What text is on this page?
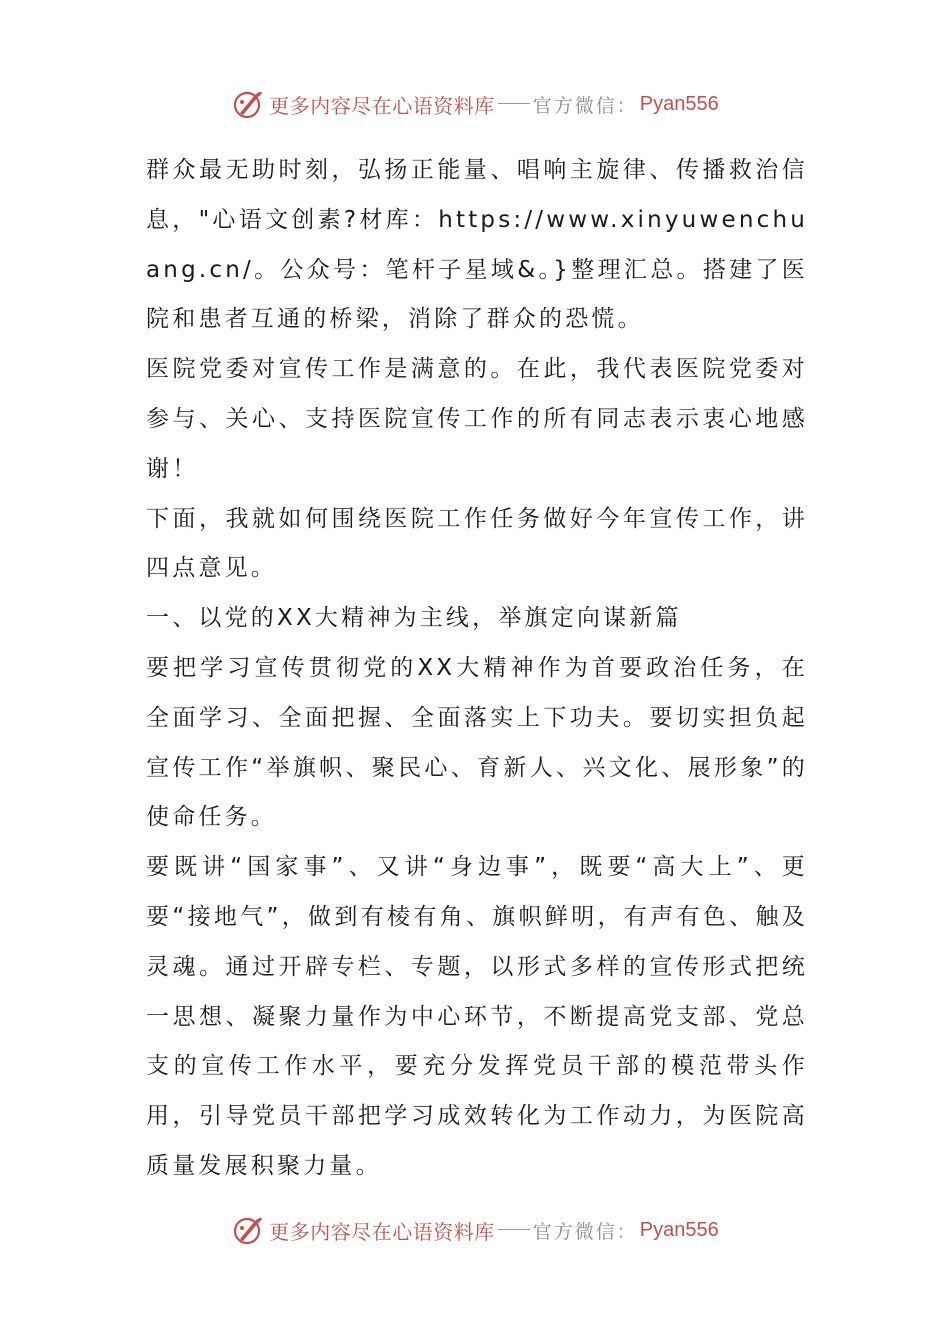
更多内容尽在心语资料库 官方微信： Pyan556

群众最无助时刻，弘扬正能量、唱响主旋律、传播救治信息，"心语文创素?材库：https://www.xinyuwenchuang.cn/。公众号：笔杆子星域&。}整理汇总。搭建了医院和患者互通的桥梁，消除了群众的恐慌。

医院党委对宣传工作是满意的。在此，我代表医院党委对参与、关心、支持医院宣传工作的所有同志表示衷心地感谢！

下面，我就如何围绕医院工作任务做好今年宣传工作，讲四点意见。

一、以党的XX大精神为主线，举旗定向谋新篇

要把学习宣传贯彻党的XX大精神作为首要政治任务，在全面学习、全面把握、全面落实上下功夫。要切实担负起宣传工作“举旗帜、聚民心、育新人、兴文化、展形象”的使命任务。

要既讲“国家事”、又讲“身边事”，既要“高大上”、更要“接地气”，做到有棱有角、旗帜鲜明，有声有色、触及灵魂。通过开辟专栏、专题，以形式多样的宣传形式把统一思想、凝聚力量作为中心环节，不断提高党支部、党总支的宣传工作水平，要充分发挥党员干部的模范带头作用，引导党员干部把学习成效转化为工作动力，为医院高质量发展积聚力量。

更多内容尽在心语资料库 官方微信： Pyan556
